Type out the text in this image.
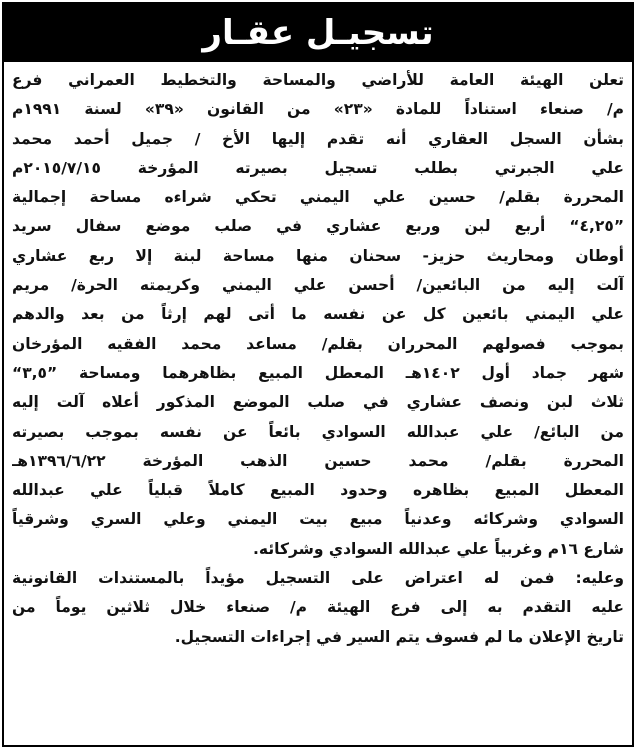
تسجيـل عقـار
تعلن الهيئة العامة للأراضي والمساحة والتخطيط العمراني فرع
م/ صنعاء استناداً للمادة «٢٣» من القانون «٣٩» لسنة ١٩٩١م
بشأن السجل العقاري أنه تقدم إليها الأخ / جميل أحمد محمد
علي الجبرتي بطلب تسجيل بصيرته المؤرخة ٢٠١٥/٧/١٥م
المحررة بقلم/ حسين علي اليمني تحكي شراءه مساحة إجمالية
”٤,٢٥“ أربع لبن وربع عشاري في صلب موضع سفال سريد
أوطان ومحاريث حزيز- سحنان منها مساحة لبنة إلا ربع عشاري
آلت إليه من البائعين/ أحسن علي اليمني وكريمته الحرة/ مريم
علي اليمني بائعين كل عن نفسه ما أتى لهم إرثاً من بعد والدهم
بموجب فصولهم المحرران بقلم/ مساعد محمد الفقيه المؤرخان
شهر جماد أول ١٤٠٢هـ المعطل المبيع بظاهرهما ومساحة ”٣,٥“
ثلاث لبن ونصف عشاري في صلب الموضع المذكور أعلاه آلت إليه
من البائع/ علي عبدالله السوادي بائعاً عن نفسه بموجب بصيرته
المحررة بقلم/ محمد حسين الذهب المؤرخة ١٣٩٦/٦/٢٢هـ
المعطل المبيع بظاهره وحدود المبيع كاملاً قبلياً علي عبدالله
السوادي وشركائه وعدنياً مبيع بيت اليمني وعلي السري وشرقياً
شارع ١٦م وغربياً علي عبدالله السوادي وشركائه.
وعليه: فمن له اعتراض على التسجيل مؤيداً بالمستندات القانونية
عليه التقدم به إلى فرع الهيئة م/ صنعاء خلال ثلاثين يوماً من
تاريخ الإعلان ما لم فسوف يتم السير في إجراءات التسجيل.
